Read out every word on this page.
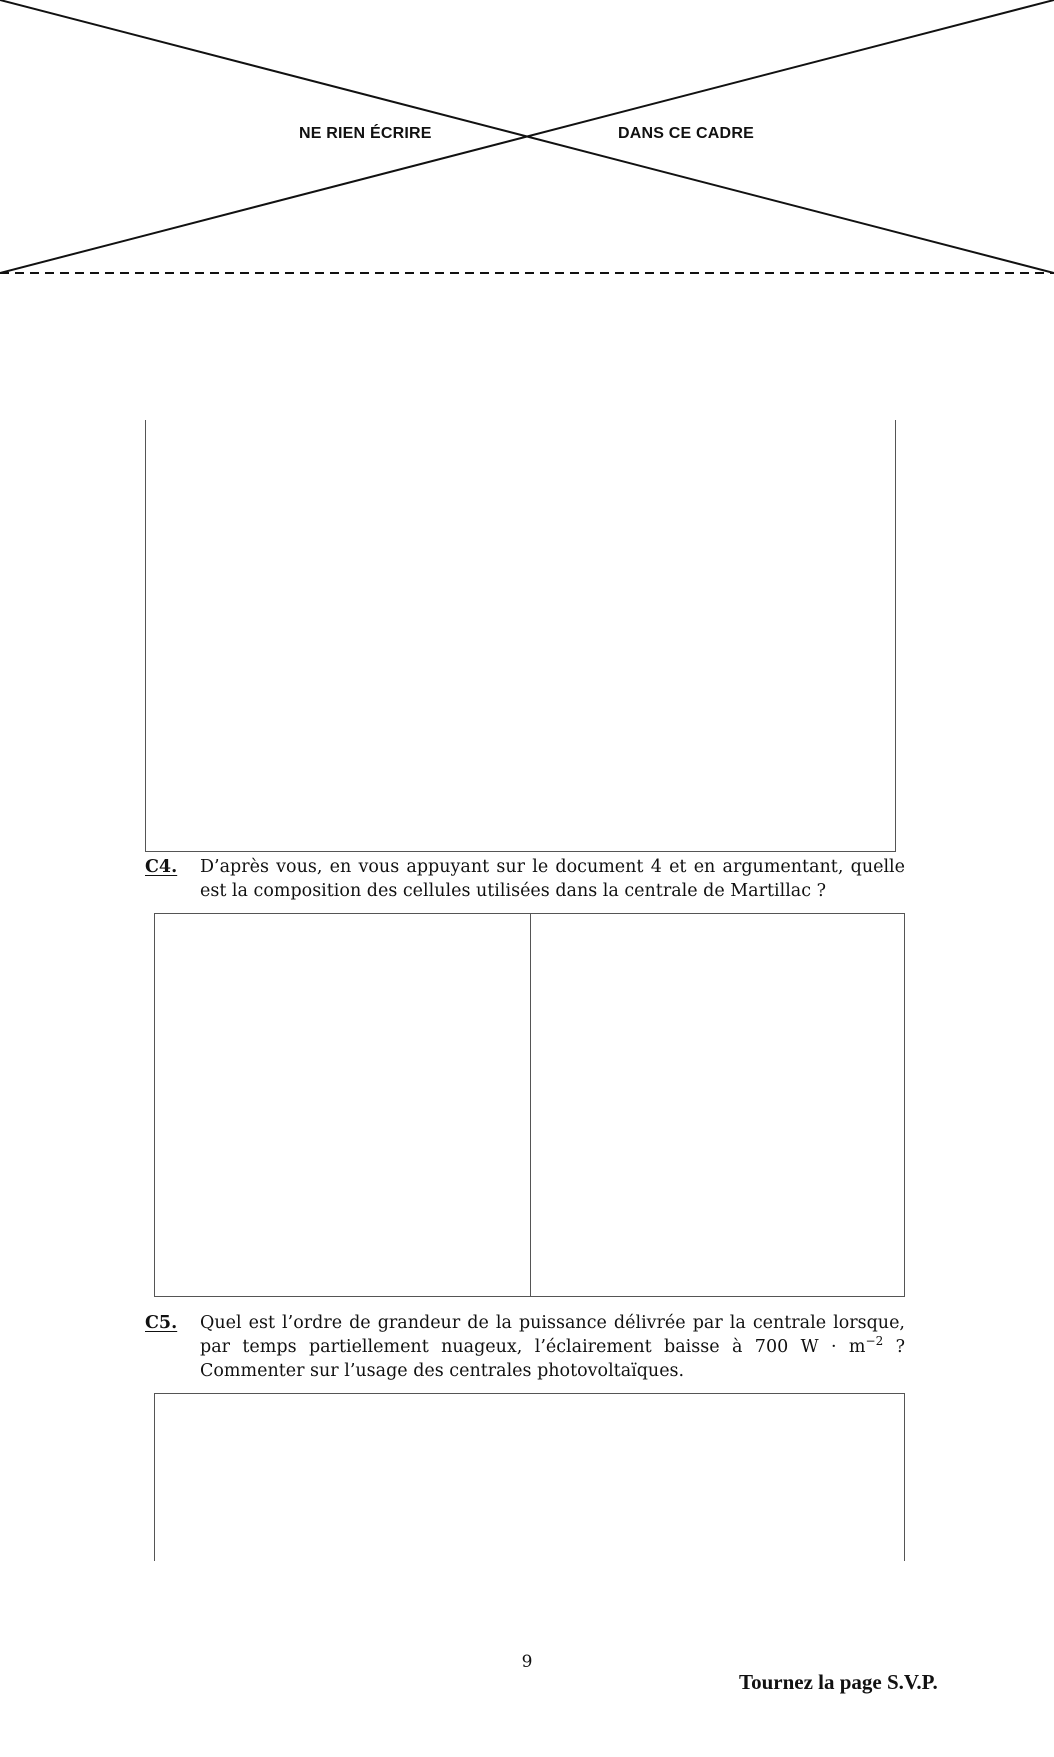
NE RIEN ÉCRIRE	DANS CE CADRE
C4. D’après vous, en vous appuyant sur le document 4 et en argumentant, quelle est la composition des cellules utilisées dans la centrale de Martillac ?
C5. Quel est l’ordre de grandeur de la puissance délivrée par la centrale lorsque, par temps partiellement nuageux, l’éclairement baisse à 700 $W \cdot m^{-2}$ ? Commenter sur l’usage des centrales photovoltaïques.
9
Tournez la page S.V.P.
